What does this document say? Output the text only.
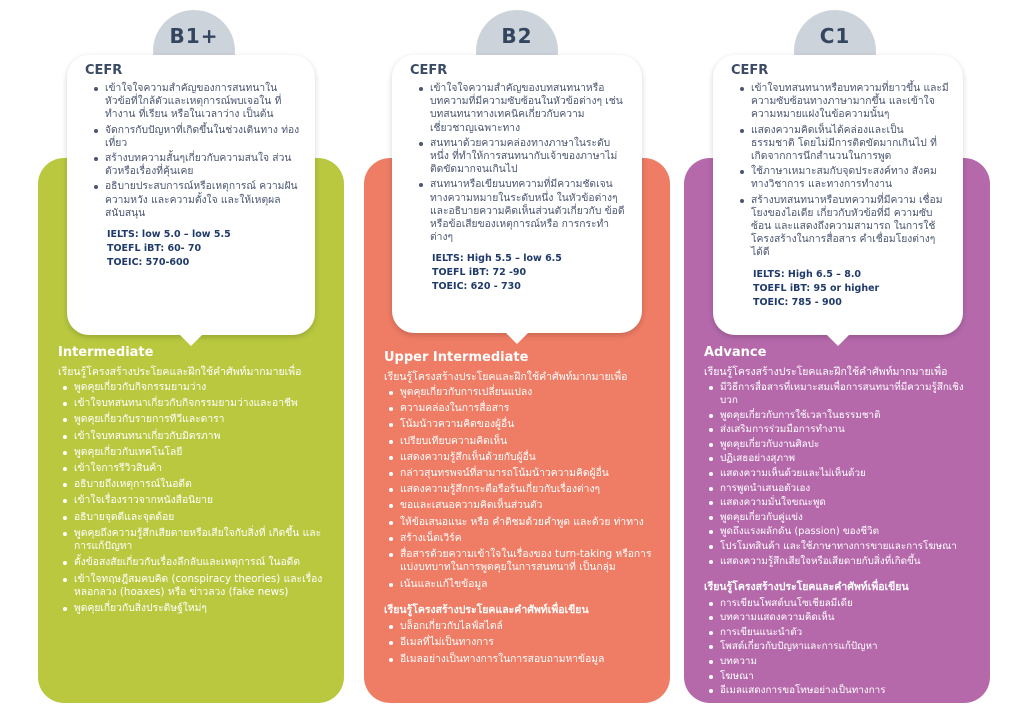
B1+
CEFR
เข้าใจใจความสำคัญของการสนทนาใน หัวข้อที่ใกล้ตัวและเหตุการณ์พบเจอใน ที่ทำงาน ที่เรียน หรือในเวลาว่าง เป็นต้น
จัดการกับปัญหาที่เกิดขึ้นในช่วงเดินทาง ท่องเที่ยว
สร้างบทความสั้นๆเกี่ยวกับความสนใจ ส่วนตัวหรือเรื่องที่คุ้นเคย
อธิบายประสบการณ์หรือเหตุการณ์ ความฝัน ความหวัง และความตั้งใจ และให้เหตุผลสนับสนุน
IELTS: low 5.0 – low 5.5
TOEFL iBT: 60- 70
TOEIC: 570-600
Intermediate
เรียนรู้โครงสร้างประโยคและฝึกใช้คำศัพท์มากมายเพื่อ
พูดคุยเกี่ยวกับกิจกรรมยามว่าง
เข้าใจบทสนทนาเกี่ยวกับกิจกรรมยามว่างและอาชีพ
พูดคุยเกี่ยวกับรายการทีวีและดารา
เข้าใจบทสนทนาเกี่ยวกับมิตรภาพ
พูดคุยเกี่ยวกับเทคโนโลยี
เข้าใจการรีวิวสินค้า
อธิบายถึงเหตุการณ์ในอดีต
เข้าใจเรื่องราวจากหนังสือนิยาย
อธิบายจุดดีและจุดด้อย
พูดคุยถึงความรู้สึกเสียดายหรือเสียใจกับสิ่งที่ เกิดขึ้น และการแก้ปัญหา
ตั้งข้อสงสัยเกี่ยวกับเรื่องลึกลับและเหตุการณ์ ในอดีต
เข้าใจทฤษฎีสมคบคิด (conspiracy theories) และเรื่องหลอกลวง (hoaxes) หรือ ข่าวลวง (fake news)
พูดคุยเกี่ยวกับสิ่งประดิษฐ์ใหม่ๆ
B2
CEFR
เข้าใจใจความสำคัญของบทสนทนาหรือ บทความที่มีความซับซ้อนในหัวข้อต่างๆ เช่น บทสนทนาทางเทคนิคเกี่ยวกับความ เชี่ยวชาญเฉพาะทาง
สนทนาด้วยความคล่องทางภาษาในระดับ หนึ่ง ที่ทำให้การสนทนากับเจ้าของภาษาไม่ ติดขัดมากจนเกินไป
สนทนาหรือเขียนบทความที่มีความชัดเจน ทางความหมายในระดับหนึ่ง ในหัวข้อต่างๆ และอธิบายความคิดเห็นส่วนตัวเกี่ยวกับ ข้อดีหรือข้อเสียของเหตุการณ์หรือ การกระทำต่างๆ
IELTS: High 5.5 – low 6.5
TOEFL iBT: 72 -90
TOEIC: 620 - 730
Upper Intermediate
เรียนรู้โครงสร้างประโยคและฝึกใช้คำศัพท์มากมายเพื่อ
พูดคุยเกี่ยวกับการเปลี่ยนแปลง
ความคล่องในการสื่อสาร
โน้มน้าวความคิดของผู้อื่น
เปรียบเทียบความคิดเห็น
แสดงความรู้สึกเห็นด้วยกับผู้อื่น
กล่าวสุนทรพจน์ที่สามารถโน้มน้าวความคิดผู้อื่น
แสดงความรู้สึกกระตือรือร้นเกี่ยวกับเรื่องต่างๆ
ขอและเสนอความคิดเห็นส่วนตัว
ให้ข้อเสนอแนะ หรือ คำติชมด้วยคำพูด และด้วย ท่าทาง
สร้างเน็ตเวิร์ค
สื่อสารด้วยความเข้าใจในเรื่องของ turn-taking หรือการแบ่งบทบาทในการพูดคุยในการสนทนาที่ เป็นกลุ่ม
เน้นและแก้ไขข้อมูล
เรียนรู้โครงสร้างประโยคและคำศัพท์เพื่อเขียน
บล็อกเกี่ยวกับไลฟ์สไตล์
อีเมลที่ไม่เป็นทางการ
อีเมลอย่างเป็นทางการในการสอบถามหาข้อมูล
C1
CEFR
เข้าใจบทสนทนาหรือบทความที่ยาวขึ้น และมีความซับซ้อนทางภาษามากขึ้น และเข้าใจความหมายแฝงในข้อความนั้นๆ
แสดงความคิดเห็นได้คล่องและเป็น ธรรมชาติ โดยไม่มีการติดขัดมากเกินไป ที่เกิดจากการนึกสำนวนในการพูด
ใช้ภาษาเหมาะสมกับจุดประสงค์ทาง สังคม ทางวิชาการ และทางการทำงาน
สร้างบทสนทนาหรือบทความที่มีความ เชื่อมโยงของไอเดีย เกี่ยวกับหัวข้อที่มี ความซับซ้อน และแสดงถึงความสามารถ ในการใช้โครงสร้างในการสื่อสาร คำเชื่อมโยงต่างๆ ได้ดี
IELTS: High 6.5 – 8.0
TOEFL iBT: 95 or higher
TOEIC: 785 - 900
Advance
เรียนรู้โครงสร้างประโยคและฝึกใช้คำศัพท์มากมายเพื่อ
มีวิธีการสื่อสารที่เหมาะสมเพื่อการสนทนาที่มีความรู้สึกเชิงบวก
พูดคุยเกี่ยวกับการใช้เวลาในธรรมชาติ
ส่งเสริมการร่วมมือการทำงาน
พูดคุยเกี่ยวกับงานศิลปะ
ปฏิเสธอย่างสุภาพ
แสดงความเห็นด้วยและไม่เห็นด้วย
การพูดนำเสนอตัวเอง
แสดงความมั่นใจขณะพูด
พูดคุยเกี่ยวกับคู่แข่ง
พูดถึงแรงผลักดัน (passion) ของชีวิต
โปรโมทสินค้า และใช้ภาษาทางการขายและการโฆษณา
แสดงความรู้สึกเสียใจหรือเสียดายกับสิ่งที่เกิดขึ้น
เรียนรู้โครงสร้างประโยคและคำศัพท์เพื่อเขียน
การเขียนโพสต์บนโซเชียลมีเดีย
บทความแสดงความคิดเห็น
การเขียนแนะนำตัว
โพสต์เกี่ยวกับปัญหาและการแก้ปัญหา
บทความ
โฆษณา
อีเมลแสดงการขอโทษอย่างเป็นทางการ
